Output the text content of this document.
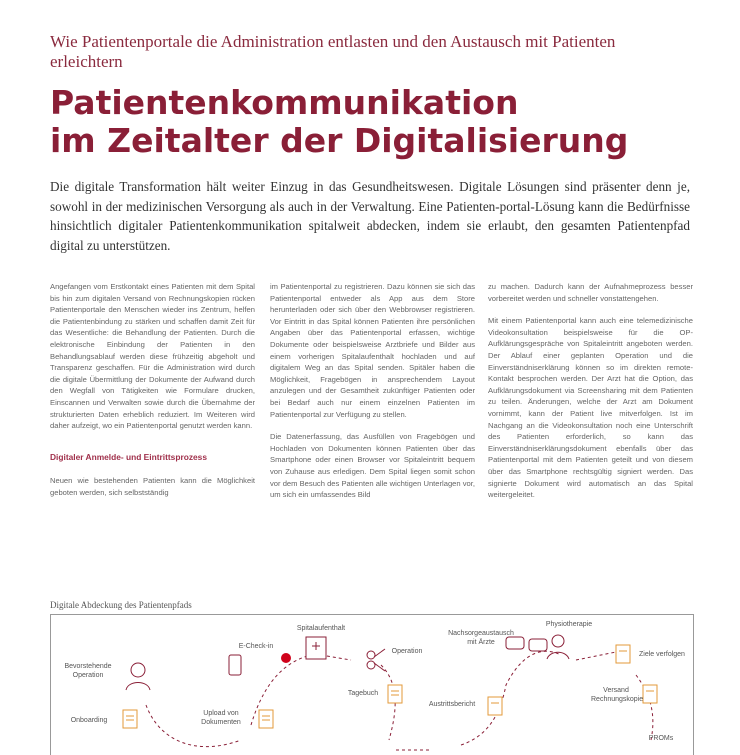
Wie Patientenportale die Administration entlasten und den Austausch mit Patienten erleichtern
Patientenkommunikation
im Zeitalter der Digitalisierung
Die digitale Transformation hält weiter Einzug in das Gesundheitswesen. Digitale Lösungen sind präsenter denn je, sowohl in der medizinischen Versorgung als auch in der Verwaltung. Eine Patienten-portal-Lösung kann die Bedürfnisse hinsichtlich digitaler Patientenkommunikation spitalweit abdecken, indem sie erlaubt, den gesamten Patientenpfad digital zu unterstützen.

Angefangen vom Erstkontakt eines Patienten mit dem Spital bis hin zum digitalen Versand von Rechnungskopien rücken Patientenportale den Menschen wieder ins Zentrum, helfen die Patientenbindung zu stärken und schaffen damit Zeit für das Wesentliche: die Behandlung der Patienten. Durch die elektronische Einbindung der Patienten in den Behandlungsablauf werden diese frühzeitig abgeholt und Transparenz geschaffen. Für die Administration wird durch die digitale Übermittlung der Dokumente der Aufwand durch den Wegfall von Tätigkeiten wie Formulare drucken, Einscannen und Verwalten sowie durch die Übernahme der strukturierten Daten erheblich reduziert. Im Weiteren wird daher aufzeigt, wo ein Patientenportal genutzt werden kann.

Digitaler Anmelde- und Eintrittsprozess

Neuen wie bestehenden Patienten kann die Möglichkeit geboten werden, sich selbstständig

im Patientenportal zu registrieren. Dazu können sie sich das Patientenportal entweder als App aus dem Store herunterladen oder sich über den Webbrowser registrieren. Vor Eintritt in das Spital können Patienten ihre persönlichen Angaben über das Patientenportal erfassen, wichtige Dokumente oder beispielsweise Arztbriefe und Bilder aus einem vorherigen Spitalaufenthalt hochladen und auf digitalem Weg an das Spital senden. Spitäler haben die Möglichkeit, Fragebögen in ansprechendem Layout anzulegen und der Gesamtheit zukünftiger Patienten oder bei Bedarf auch nur einem einzelnen Patienten im Patientenportal zur Verfügung zu stellen.

Die Datenerfassung, das Ausfüllen von Fragebögen und Hochladen von Dokumenten können Patienten über das Smartphone oder einen Browser vor Spitaleintritt bequem von Zuhause aus erledigen. Dem Spital liegen somit schon vor dem Besuch des Patienten alle wichtigen Unterlagen vor, um sich ein umfassendes Bild

zu machen. Dadurch kann der Aufnahmeprozess besser vorbereitet werden und schneller vonstattengehen.

Mit einem Patientenportal kann auch eine telemedizinische Videokonsultation beispielsweise für die OP-Aufklärungsgespräche von Spitaleintritt angeboten werden. Der Ablauf einer geplanten Operation und die Einverständniserklärung können so im direkten remote-Kontakt besprochen werden. Der Arzt hat die Option, das Aufklärungsdokument via Screensharing mit dem Patienten zu teilen. Änderungen, welche der Arzt am Dokument vornimmt, kann der Patient live mitverfolgen. Ist im Nachgang an die Videokonsultation noch eine Unterschrift des Patienten erforderlich, so kann das Einverständniserklärungsdokument ebenfalls über das Patientenportal mit dem Patienten geteilt und von diesem über das Smartphone rechtsgültig signiert werden. Das signierte Dokument wird automatisch an das Spital weitergeleitet.

Digitale Abdeckung des Patientenpfads
Bevorstehende Operation
Onboarding
E-Check-in
Spitalaufenthalt
Operation
Upload von Dokumenten
Tagebuch
Nachsorgeaustausch mit Ärzte
Physiotherapie
Ziele verfolgen
Austrittsbericht
Versand Rechnungskopie
PROMs
